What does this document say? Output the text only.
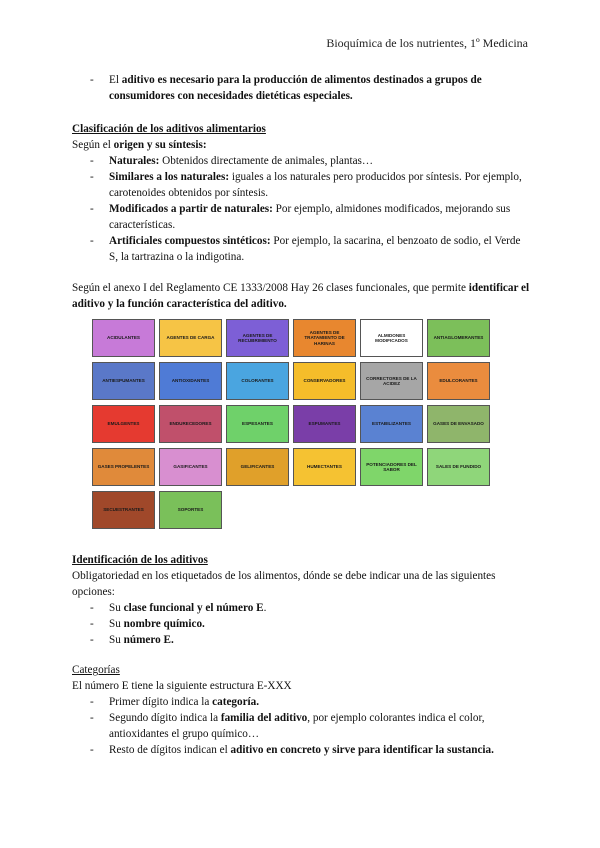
Bioquímica de los nutrientes, 1º Medicina
- El aditivo es necesario para la producción de alimentos destinados a grupos de consumidores con necesidades dietéticas especiales.
Clasificación de los aditivos alimentarios
Según el origen y su síntesis:
- Naturales: Obtenidos directamente de animales, plantas…
- Similares a los naturales: iguales a los naturales pero producidos por síntesis. Por ejemplo, carotenoides obtenidos por síntesis.
- Modificados a partir de naturales: Por ejemplo, almidones modificados, mejorando sus características.
- Artificiales compuestos sintéticos: Por ejemplo, la sacarina, el benzoato de sodio, el Verde S, la tartrazina o la indigotina.
Según el anexo I del Reglamento CE 1333/2008 Hay 26 clases funcionales, que permite identificar el aditivo y la función característica del aditivo.
ACIDULANTES	AGENTES DE CARGA
AGENTES DE RECUBRIMIENTO
AGENTES DE TRATAMIENTO DE HARINAS
ALMIDONES MODIFICADOS
ANTIAGLOMERANTES
ANTIESPUMANTES	ANTIOXIDANTES	COLORANTES	CONSERVADORES
CORRECTORES DE LA ACIDEZ
EDULCORANTES
EMULGENTES	ENDURECEDORES	ESPESANTES	ESPUMANTES	ESTABILIZANTES	GASES DE ENVASADO
GASES PROPELENTES	GASIFICANTES	GELIFICANTES	HUMECTANTES
POTENCIADORES DEL SABOR
SALES DE FUNDIDO
SECUESTRANTES	SOPORTES
Identificación de los aditivos
Obligatoriedad en los etiquetados de los alimentos, dónde se debe indicar una de las siguientes opciones:
- Su clase funcional y el número E.
- Su nombre químico.
- Su número E.
Categorías
El número E tiene la siguiente estructura E-XXX
- Primer dígito indica la categoría.
- Segundo dígito indica la familia del aditivo, por ejemplo colorantes indica el color, antioxidantes el grupo químico…
- Resto de dígitos indican el aditivo en concreto y sirve para identificar la sustancia.
